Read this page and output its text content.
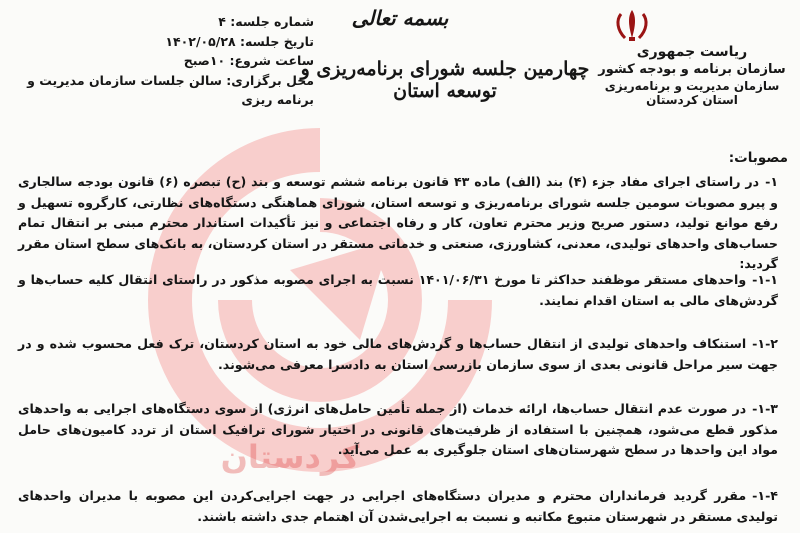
کردستان
ریاست جمهوری
سازمان برنامه و بودجه کشور
سازمان مدیریت و برنامه‌ریزی استان کردستان
بسمه تعالی
چهارمین جلسه شورای برنامه‌ریزی و توسعه استان
شماره جلسه: ۴
تاریخ جلسه: ۱۴۰۲/۰۵/۲۸
ساعت شروع: ۱۰صبح
محل برگزاری: سالن جلسات سازمان مدیریت و
برنامه ریزی
مصوبات:
۱-در راستای اجرای مفاد جزء (۴) بند (الف) ماده ۴۳ قانون برنامه ششم توسعه و بند (ح) تبصره (۶) قانون بودجه سالجاری و پیرو مصوبات سومین جلسه شورای برنامه‌ریزی و توسعه استان، شورای هماهنگی دستگاه‌های نظارتی، کارگروه تسهیل و رفع موانع تولید، دستور صریح وزیر محترم تعاون، کار و رفاه اجتماعی و نیز تأکیدات استاندار محترم مبنی بر انتقال تمام حساب‌های واحدهای تولیدی، معدنی، کشاورزی، صنعتی و خدماتی مستقر در استان کردستان، به بانک‌های سطح استان مقرر گردید:
۱-۱-واحدهای مستقر موظفند حداکثر تا مورخ ۱۴۰۱/۰۶/۳۱ نسبت به اجرای مصوبه مذکور در راستای انتقال کلیه حساب‌ها و گردش‌های مالی به استان اقدام نمایند.
۱-۲-استنکاف واحدهای تولیدی از انتقال حساب‌ها و گردش‌های مالی خود به استان کردستان، ترک فعل محسوب شده و در جهت سیر مراحل قانونی بعدی از سوی سازمان بازرسی استان به دادسرا معرفی می‌شوند.
۱-۳-در صورت عدم انتقال حساب‌ها، ارائه خدمات (از جمله تأمین حامل‌های انرژی) از سوی دستگاه‌های اجرایی به واحدهای مذکور قطع می‌شود، همچنین با استفاده از ظرفیت‌های قانونی در اختیار شورای ترافیک استان از تردد کامیون‌های حامل مواد این واحدها در سطح شهرستان‌های استان جلوگیری به عمل می‌آید.
۱-۴-مقرر گردید فرمانداران محترم و مدیران دستگاه‌های اجرایی در جهت اجرایی‌کردن این مصوبه با مدیران واحدهای تولیدی مستقر در شهرستان متبوع مکاتبه و نسبت به اجرایی‌شدن آن اهتمام جدی داشته باشند.
